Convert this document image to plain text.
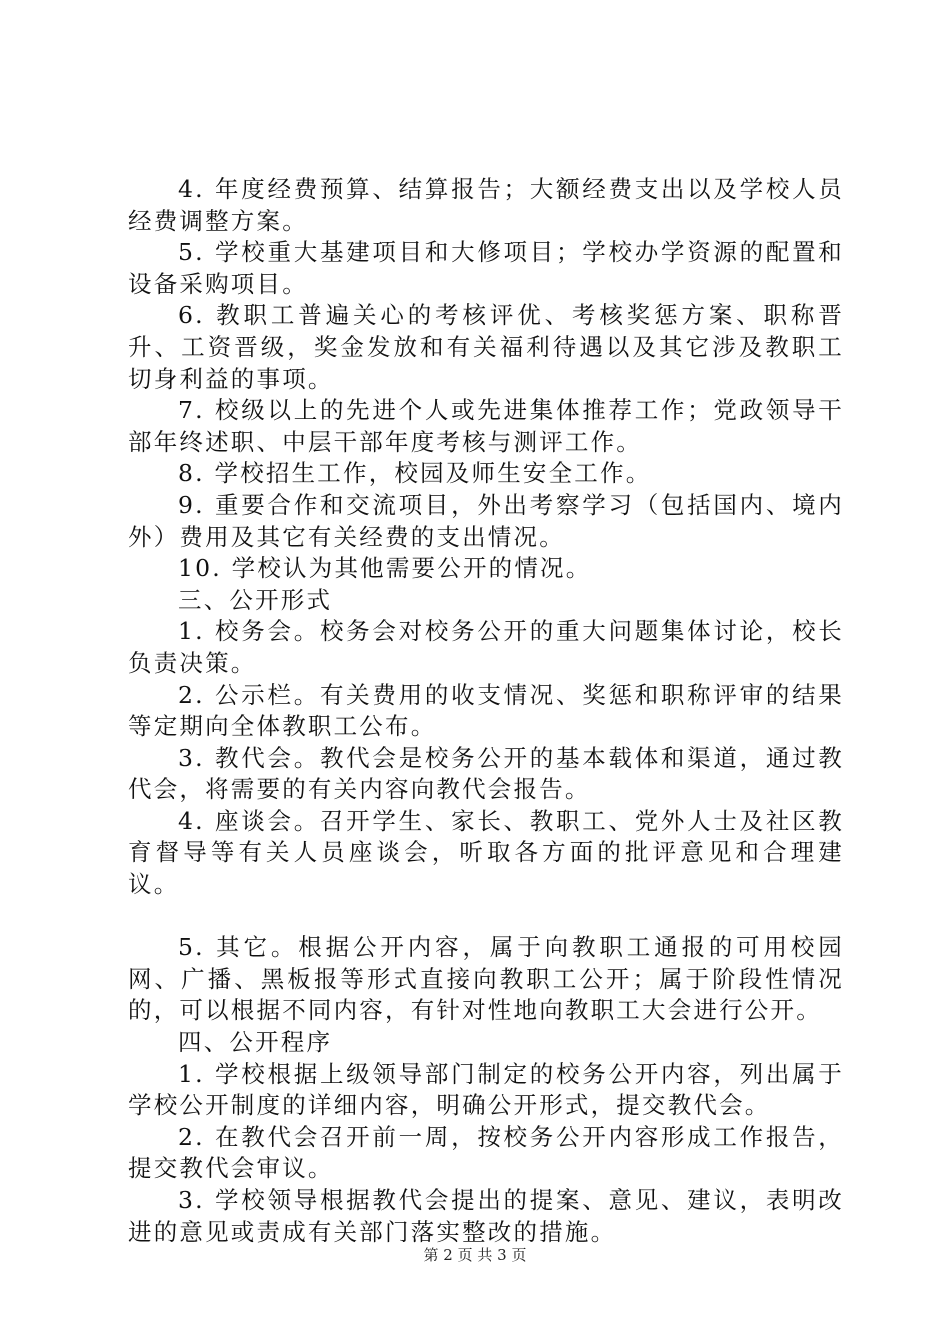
4. 年度经费预算、结算报告；大额经费支出以及学校人员经费调整方案。

5. 学校重大基建项目和大修项目；学校办学资源的配置和设备采购项目。

6. 教职工普遍关心的考核评优、考核奖惩方案、职称晋升、工资晋级，奖金发放和有关福利待遇以及其它涉及教职工切身利益的事项。

7. 校级以上的先进个人或先进集体推荐工作；党政领导干部年终述职、中层干部年度考核与测评工作。

8. 学校招生工作，校园及师生安全工作。

9. 重要合作和交流项目，外出考察学习（包括国内、境内外）费用及其它有关经费的支出情况。

10. 学校认为其他需要公开的情况。

三、公开形式

1. 校务会。校务会对校务公开的重大问题集体讨论，校长负责决策。

2. 公示栏。有关费用的收支情况、奖惩和职称评审的结果等定期向全体教职工公布。

3. 教代会。教代会是校务公开的基本载体和渠道，通过教代会，将需要的有关内容向教代会报告。

4. 座谈会。召开学生、家长、教职工、党外人士及社区教育督导等有关人员座谈会，听取各方面的批评意见和合理建议。

5. 其它。根据公开内容，属于向教职工通报的可用校园网、广播、黑板报等形式直接向教职工公开；属于阶段性情况的，可以根据不同内容，有针对性地向教职工大会进行公开。

四、公开程序

1. 学校根据上级领导部门制定的校务公开内容，列出属于学校公开制度的详细内容，明确公开形式，提交教代会。

2. 在教代会召开前一周，按校务公开内容形成工作报告，提交教代会审议。

3. 学校领导根据教代会提出的提案、意见、建议，表明改进的意见或责成有关部门落实整改的措施。

第 2 页 共 3 页
